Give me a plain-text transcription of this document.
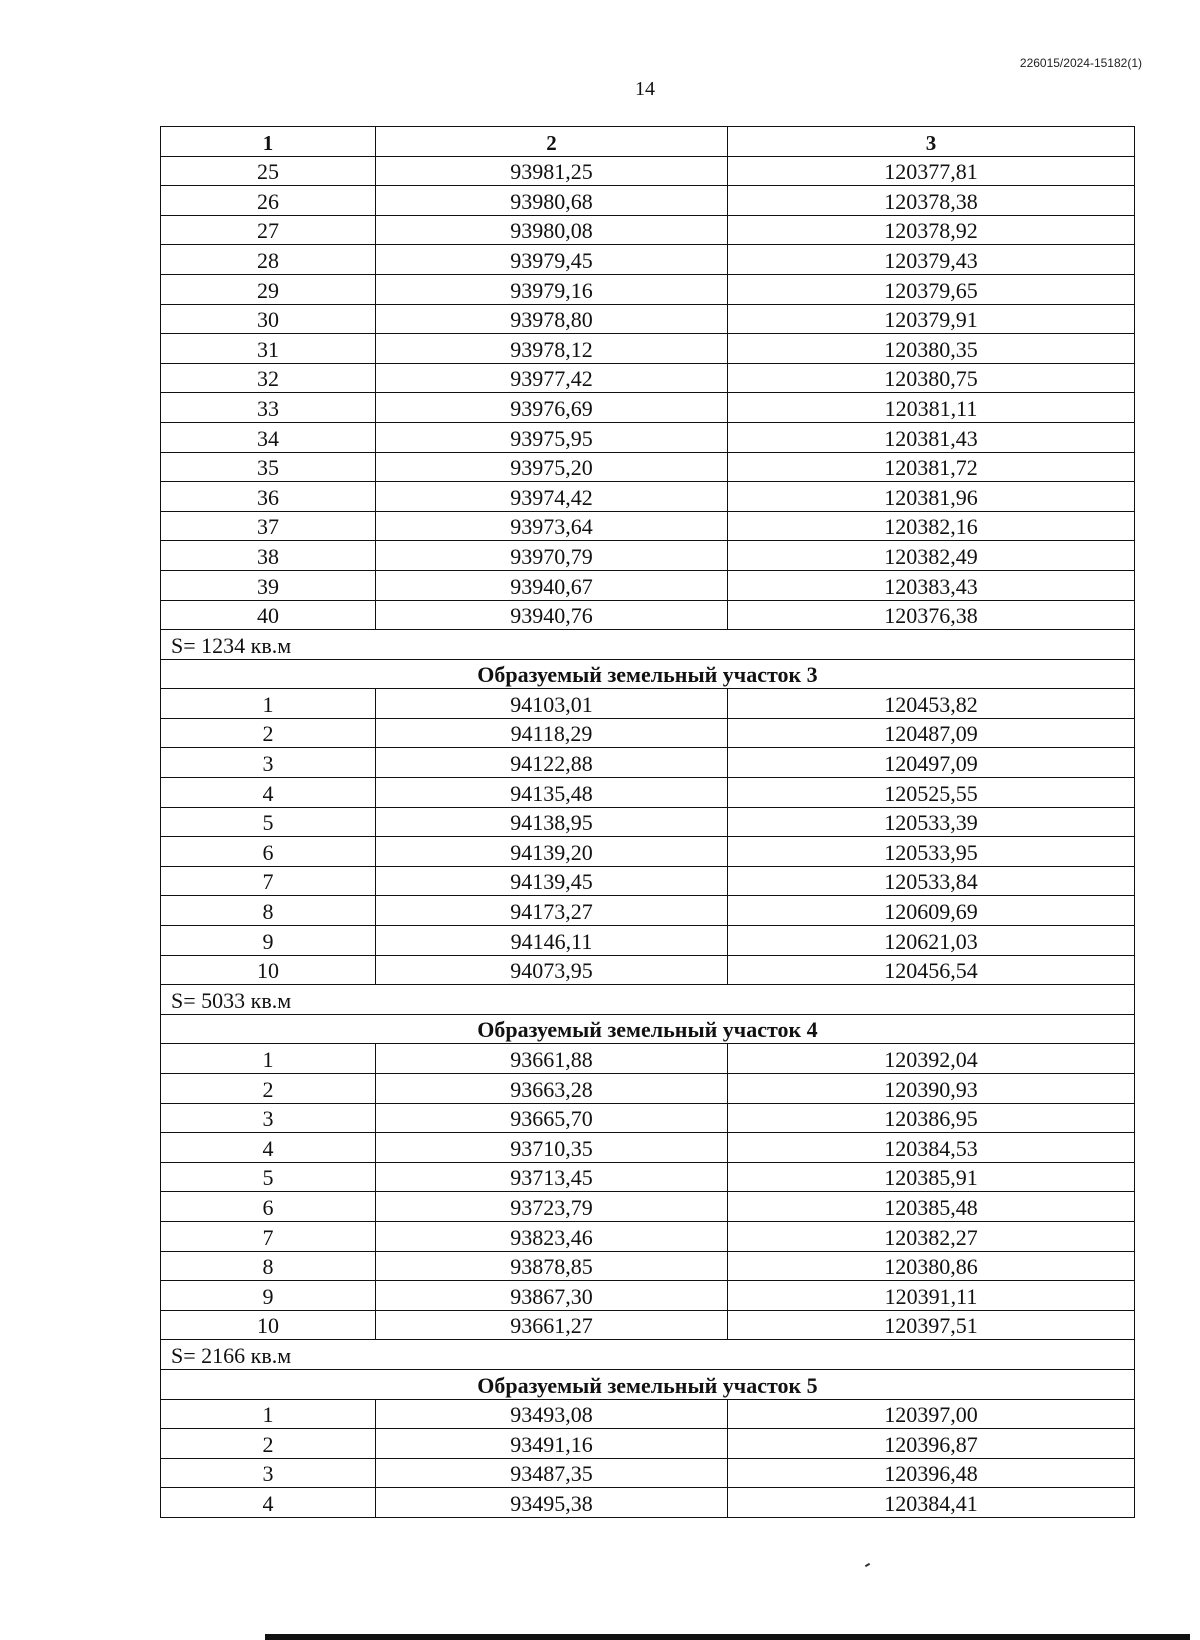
226015/2024-15182(1)
14
1	2	3
25	93981,25	120377,81
26	93980,68	120378,38
27	93980,08	120378,92
28	93979,45	120379,43
29	93979,16	120379,65
30	93978,80	120379,91
31	93978,12	120380,35
32	93977,42	120380,75
33	93976,69	120381,11
34	93975,95	120381,43
35	93975,20	120381,72
36	93974,42	120381,96
37	93973,64	120382,16
38	93970,79	120382,49
39	93940,67	120383,43
40	93940,76	120376,38
S= 1234 кв.м		
Образуемый земельный участок 3		
1	94103,01	120453,82
2	94118,29	120487,09
3	94122,88	120497,09
4	94135,48	120525,55
5	94138,95	120533,39
6	94139,20	120533,95
7	94139,45	120533,84
8	94173,27	120609,69
9	94146,11	120621,03
10	94073,95	120456,54
S= 5033 кв.м		
Образуемый земельный участок 4		
1	93661,88	120392,04
2	93663,28	120390,93
3	93665,70	120386,95
4	93710,35	120384,53
5	93713,45	120385,91
6	93723,79	120385,48
7	93823,46	120382,27
8	93878,85	120380,86
9	93867,30	120391,11
10	93661,27	120397,51
S= 2166 кв.м		
Образуемый земельный участок 5		
1	93493,08	120397,00
2	93491,16	120396,87
3	93487,35	120396,48
4	93495,38	120384,41
